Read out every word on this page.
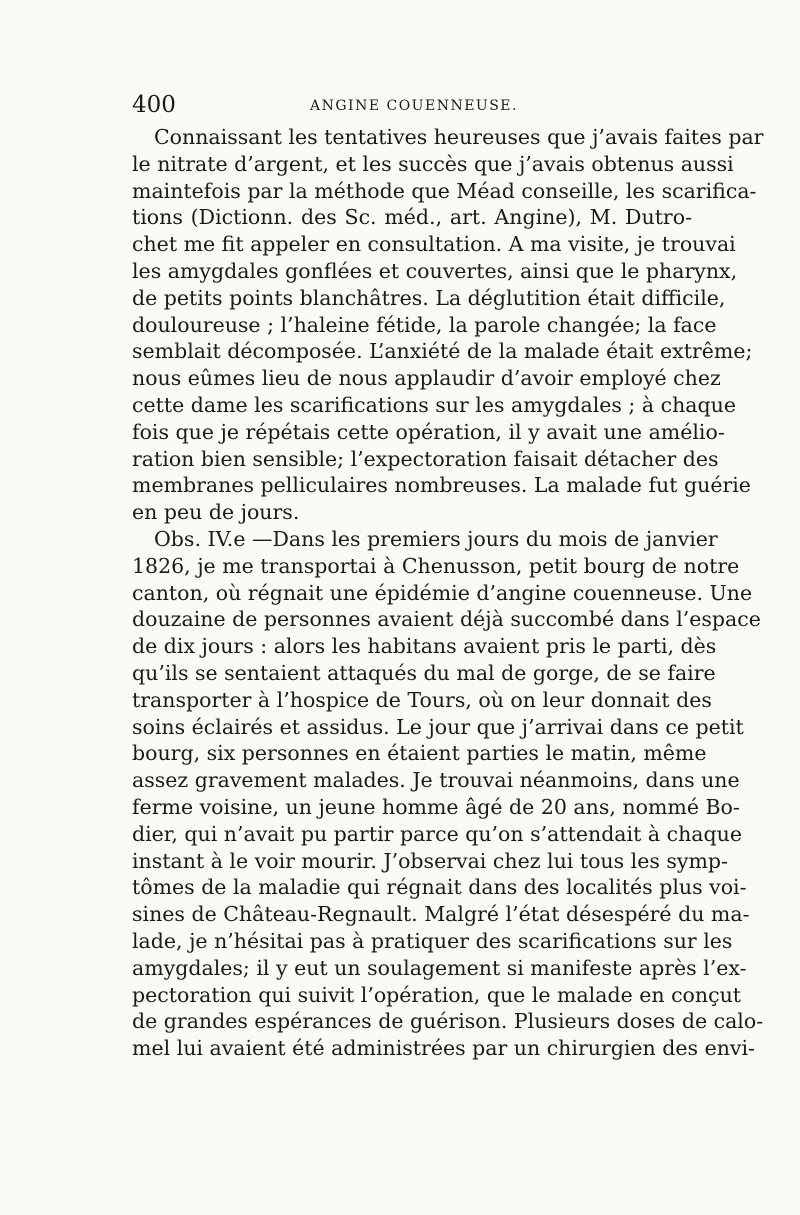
400	ANGINE COUENNEUSE.
Connaissant les tentatives heureuses que j’avais faites par
le nitrate d’argent, et les succès que j’avais obtenus aussi
maintefois par la méthode que Méad conseille, les scarifica-
tions (Dictionn. des Sc. méd., art. Angine), M. Dutro-
chet me fit appeler en consultation. A ma visite, je trouvai
les amygdales gonflées et couvertes, ainsi que le pharynx,
de petits points blanchâtres. La déglutition était difficile,
douloureuse ; l’haleine fétide, la parole changée; la face
semblait décomposée. L’anxiété de la malade était extrême;
nous eûmes lieu de nous applaudir d’avoir employé chez
cette dame les scarifications sur les amygdales ; à chaque
fois que je répétais cette opération, il y avait une amélio-
ration bien sensible; l’expectoration faisait détacher des
membranes pelliculaires nombreuses. La malade fut guérie
en peu de jours.
Obs. IV.e —Dans les premiers jours du mois de janvier
1826, je me transportai à Chenusson, petit bourg de notre
canton, où régnait une épidémie d’angine couenneuse. Une
douzaine de personnes avaient déjà succombé dans l’espace
de dix jours : alors les habitans avaient pris le parti, dès
qu’ils se sentaient attaqués du mal de gorge, de se faire
transporter à l’hospice de Tours, où on leur donnait des
soins éclairés et assidus. Le jour que j’arrivai dans ce petit
bourg, six personnes en étaient parties le matin, même
assez gravement malades. Je trouvai néanmoins, dans une
ferme voisine, un jeune homme âgé de 20 ans, nommé Bo-
dier, qui n’avait pu partir parce qu’on s’attendait à chaque
instant à le voir mourir. J’observai chez lui tous les symp-
tômes de la maladie qui régnait dans des localités plus voi-
sines de Château-Regnault. Malgré l’état désespéré du ma-
lade, je n’hésitai pas à pratiquer des scarifications sur les
amygdales; il y eut un soulagement si manifeste après l’ex-
pectoration qui suivit l’opération, que le malade en conçut
de grandes espérances de guérison. Plusieurs doses de calo-
mel lui avaient été administrées par un chirurgien des envi-
